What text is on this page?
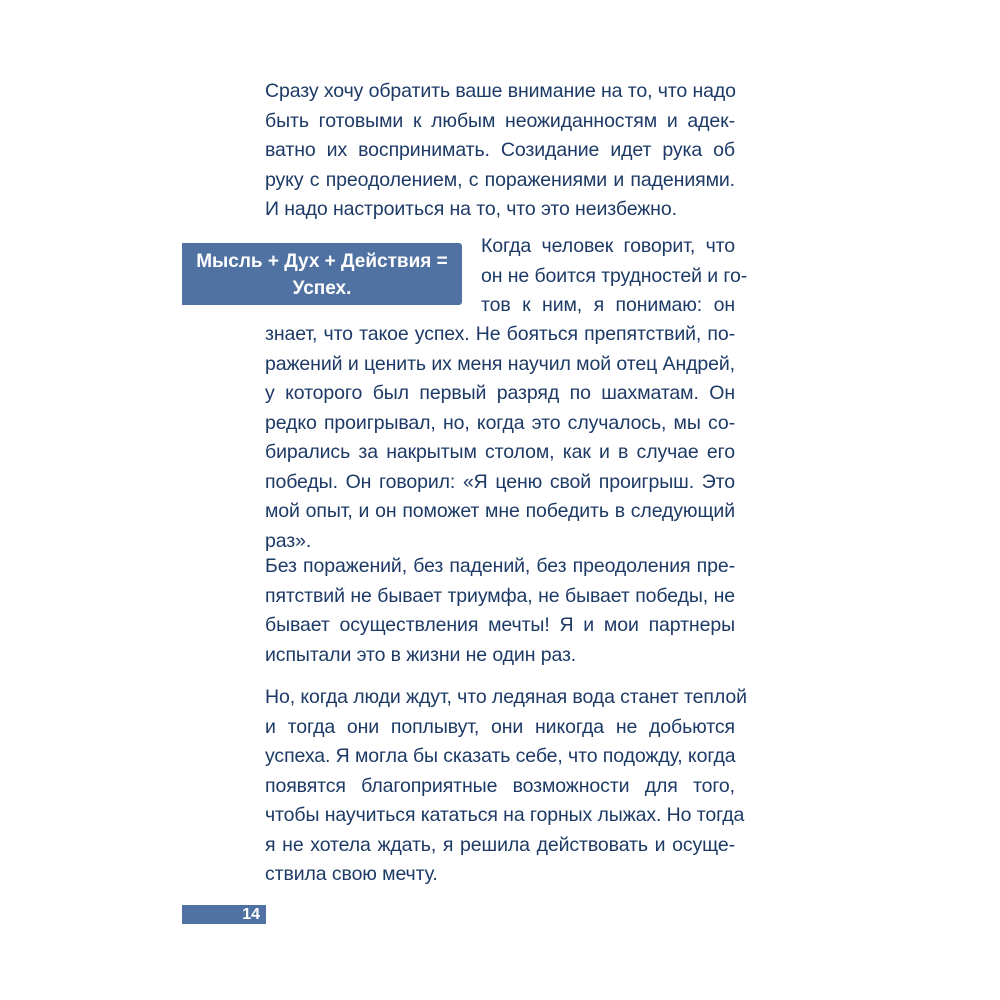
Сразу хочу обратить ваше внимание на то, что надо
быть готовыми к любым неожиданностям и адек-
ватно их воспринимать. Созидание идет рука об
руку с преодолением, с поражениями и падениями.
И надо настроиться на то, что это неизбежно.
Мысль + Дух + Действия =
Успех.
Когда человек говорит, что
он не боится трудностей и го-
тов к ним, я понимаю: он
знает, что такое успех. Не бояться препятствий, по-
ражений и ценить их меня научил мой отец Андрей,
у которого был первый разряд по шахматам. Он
редко проигрывал, но, когда это случалось, мы со-
бирались за накрытым столом, как и в случае его
победы. Он говорил: «Я ценю свой проигрыш. Это
мой опыт, и он поможет мне победить в следующий
раз».
Без поражений, без падений, без преодоления пре-
пятствий не бывает триумфа, не бывает победы, не
бывает осуществления мечты! Я и мои партнеры
испытали это в жизни не один раз.
Но, когда люди ждут, что ледяная вода станет теплой
и тогда они поплывут, они никогда не добьются
успеха. Я могла бы сказать себе, что подожду, когда
появятся благоприятные возможности для того,
чтобы научиться кататься на горных лыжах. Но тогда
я не хотела ждать, я решила действовать и осуще-
ствила свою мечту.
14
